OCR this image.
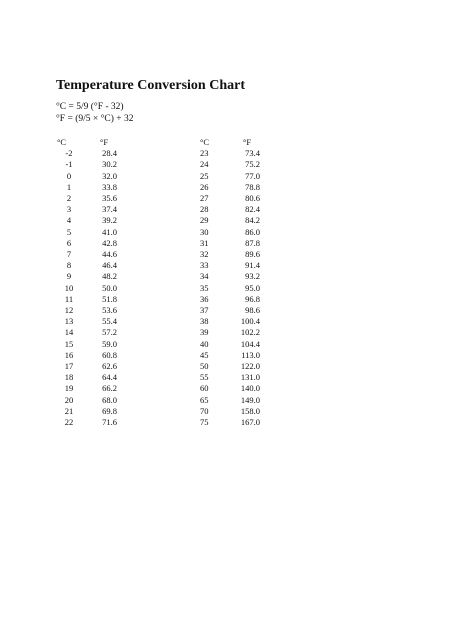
Temperature Conversion Chart
°C = 5/9 (°F - 32)
°F = (9/5 × °C) + 32
°C	°F
-2	28.4
-1	30.2
0	32.0
1	33.8
2	35.6
3	37.4
4	39.2
5	41.0
6	42.8
7	44.6
8	46.4
9	48.2
10	50.0
11	51.8
12	53.6
13	55.4
14	57.2
15	59.0
16	60.8
17	62.6
18	64.4
19	66.2
20	68.0
21	69.8
22	71.6
°C	°F
23	73.4
24	75.2
25	77.0
26	78.8
27	80.6
28	82.4
29	84.2
30	86.0
31	87.8
32	89.6
33	91.4
34	93.2
35	95.0
36	96.8
37	98.6
38	100.4
39	102.2
40	104.4
45	113.0
50	122.0
55	131.0
60	140.0
65	149.0
70	158.0
75	167.0
